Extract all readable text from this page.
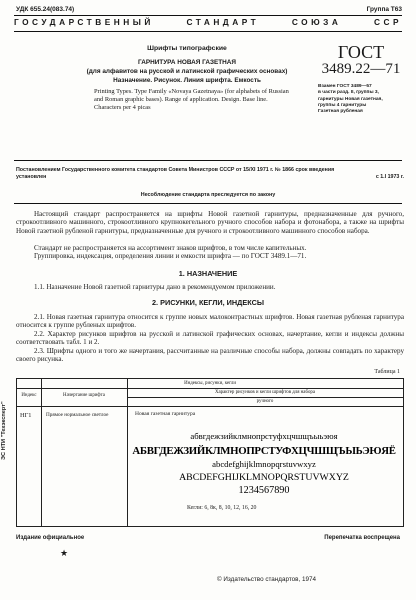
УДК 655.24(083.74)	Группа Т63
ГОСУДАРСТВЕННЫЙ СТАНДАРТ СОЮЗА ССР
Шрифты типографские
ГАРНИТУРА НОВАЯ ГАЗЕТНАЯ
(для алфавитов на русской и латинской графических основах)
Назначение. Рисунок. Линия шрифта. Емкость
Printing Types. Type Family «Novaya Gazetnaya» (for alphabets of Russian
and Roman graphic bases). Range of application. Design. Base line.
Characters per 4 picas
ГОСТ
3489.22—71
Взамен ГОСТ 3489—57
в части разд. II, группы 3,
гарнитуры Новая газетная,
группы 4 гарнитуры
Газетная рубленая
Постановлением Государственного комитета стандартов Совета Министров СССР от 15/XI 1971 г. № 1866 срок введения
установлен	с 1.I 1973 г.
Несоблюдение стандарта преследуется по закону
Настоящий стандарт распространяется на шрифты Новой газетной гарнитуры, предназначенные для ручного, строкоотливного машинного, строкоотливного крупнокегельного ручного способов набора и фотонабора, а также на шрифты Новой газетной рубленой гарнитуры, предназначенные для ручного и строкоотливного машинного способов набора.
Стандарт не распространяется на ассортимент знаков шрифтов, в том числе капительных.
Группировка, индексация, определения линии и емкости шрифта — по ГОСТ 3489.1—71.
1. НАЗНАЧЕНИЕ
1.1. Назначение Новой газетной гарнитуры дано в рекомендуемом приложении.
2. РИСУНКИ, КЕГЛИ, ИНДЕКСЫ
2.1. Новая газетная гарнитура относится к группе новых малоконтрастных шрифтов. Новая газетная рубленая гарнитура относится к группе рубленых шрифтов.
2.2. Характер рисунков шрифтов на русской и латинской графических основах, начертание, кегли и индексы должны соответствовать табл. 1 и 2.
2.3. Шрифты одного и того же начертания, рассчитанные на различные способы набора, должны совпадать по характеру своего рисунка.
Таблица 1
Индексы, рисунки, кегли
Индекс	Начертание шрифта
Характер рисунков и кегли шрифтов для набора
ручного
НГ1	Прямое нормальное светлое	Новая газетная гарнитура
абвгдежзийклмнопрстуфхцчшщъыьэюя
АБВГДЕЖЗИЙКЛМНОПРСТУФХЦЧШЩЪЫЬЭЮЯЁ
abcdefghijklmnopqrstuvwxyz
ABCDEFGHIJKLMNOPQRSTUVWXYZ
1234567890
Кегли: 6, 8к, 8, 10, 12, 16, 20
ЭС НТИ "Техэксперт"
Издание официальное	Перепечатка воспрещена
★
© Издательство стандартов, 1974
